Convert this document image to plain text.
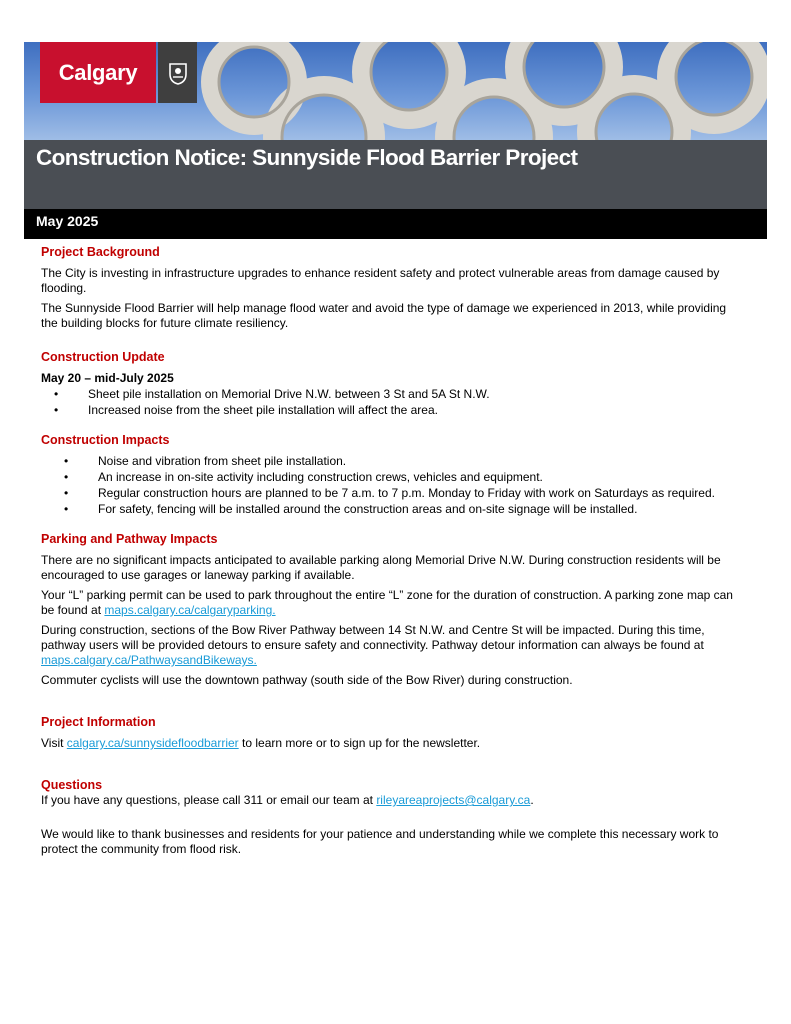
Calgary
Construction Notice: Sunnyside Flood Barrier Project
May 2025
Project Background

The City is investing in infrastructure upgrades to enhance resident safety and protect vulnerable areas from damage caused by flooding.

The Sunnyside Flood Barrier will help manage flood water and avoid the type of damage we experienced in 2013, while providing the building blocks for future climate resiliency.

Construction Update
May 20 – mid-July 2025
• Sheet pile installation on Memorial Drive N.W. between 3 St and 5A St N.W.
• Increased noise from the sheet pile installation will affect the area.
Construction Impacts
• Noise and vibration from sheet pile installation.
• An increase in on-site activity including construction crews, vehicles and equipment.
• Regular construction hours are planned to be 7 a.m. to 7 p.m. Monday to Friday with work on Saturdays as required.
• For safety, fencing will be installed around the construction areas and on-site signage will be installed.
Parking and Pathway Impacts

There are no significant impacts anticipated to available parking along Memorial Drive N.W. During construction residents will be encouraged to use garages or laneway parking if available.

Your “L” parking permit can be used to park throughout the entire “L” zone for the duration of construction. A parking zone map can be found at maps.calgary.ca/calgaryparking.

During construction, sections of the Bow River Pathway between 14 St N.W. and Centre St will be impacted. During this time, pathway users will be provided detours to ensure safety and connectivity. Pathway detour information can always be found at maps.calgary.ca/PathwaysandBikeways.

Commuter cyclists will use the downtown pathway (south side of the Bow River) during construction.

Project Information

Visit calgary.ca/sunnysidefloodbarrier to learn more or to sign up for the newsletter.

Questions

If you have any questions, please call 311 or email our team at rileyareaprojects@calgary.ca.

We would like to thank businesses and residents for your patience and understanding while we complete this necessary work to protect the community from flood risk.
